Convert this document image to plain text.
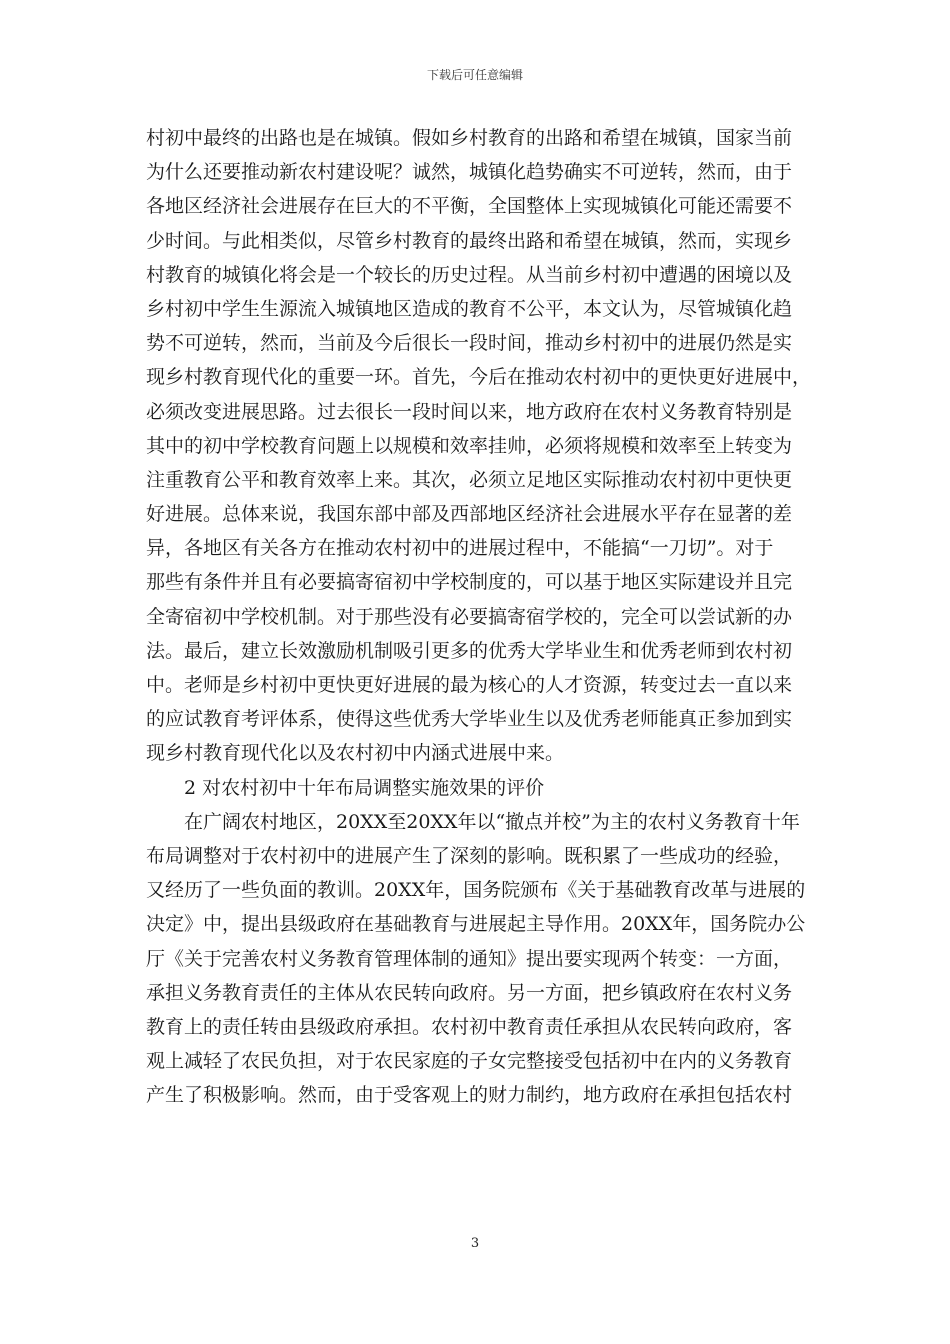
下载后可任意编辑
村初中最终的出路也是在城镇。假如乡村教育的出路和希望在城镇，国家当前
为什么还要推动新农村建设呢？诚然，城镇化趋势确实不可逆转，然而，由于
各地区经济社会进展存在巨大的不平衡，全国整体上实现城镇化可能还需要不
少时间。与此相类似，尽管乡村教育的最终出路和希望在城镇，然而，实现乡
村教育的城镇化将会是一个较长的历史过程。从当前乡村初中遭遇的困境以及
乡村初中学生生源流入城镇地区造成的教育不公平，本文认为，尽管城镇化趋
势不可逆转，然而，当前及今后很长一段时间，推动乡村初中的进展仍然是实
现乡村教育现代化的重要一环。首先，今后在推动农村初中的更快更好进展中，
必须改变进展思路。过去很长一段时间以来，地方政府在农村义务教育特别是
其中的初中学校教育问题上以规模和效率挂帅，必须将规模和效率至上转变为
注重教育公平和教育效率上来。其次，必须立足地区实际推动农村初中更快更
好进展。总体来说，我国东部中部及西部地区经济社会进展水平存在显著的差
异，各地区有关各方在推动农村初中的进展过程中，不能搞“一刀切”。对于
那些有条件并且有必要搞寄宿初中学校制度的，可以基于地区实际建设并且完
全寄宿初中学校机制。对于那些没有必要搞寄宿学校的，完全可以尝试新的办
法。最后，建立长效激励机制吸引更多的优秀大学毕业生和优秀老师到农村初
中。老师是乡村初中更快更好进展的最为核心的人才资源，转变过去一直以来
的应试教育考评体系，使得这些优秀大学毕业生以及优秀老师能真正参加到实
现乡村教育现代化以及农村初中内涵式进展中来。
2 对农村初中十年布局调整实施效果的评价
在广阔农村地区，20XX至20XX年以“撤点并校”为主的农村义务教育十年
布局调整对于农村初中的进展产生了深刻的影响。既积累了一些成功的经验，
又经历了一些负面的教训。20XX年，国务院颁布《关于基础教育改革与进展的
决定》中，提出县级政府在基础教育与进展起主导作用。20XX年，国务院办公
厅《关于完善农村义务教育管理体制的通知》提出要实现两个转变：一方面，
承担义务教育责任的主体从农民转向政府。另一方面，把乡镇政府在农村义务
教育上的责任转由县级政府承担。农村初中教育责任承担从农民转向政府，客
观上减轻了农民负担，对于农民家庭的子女完整接受包括初中在内的义务教育
产生了积极影响。然而，由于受客观上的财力制约，地方政府在承担包括农村
3
